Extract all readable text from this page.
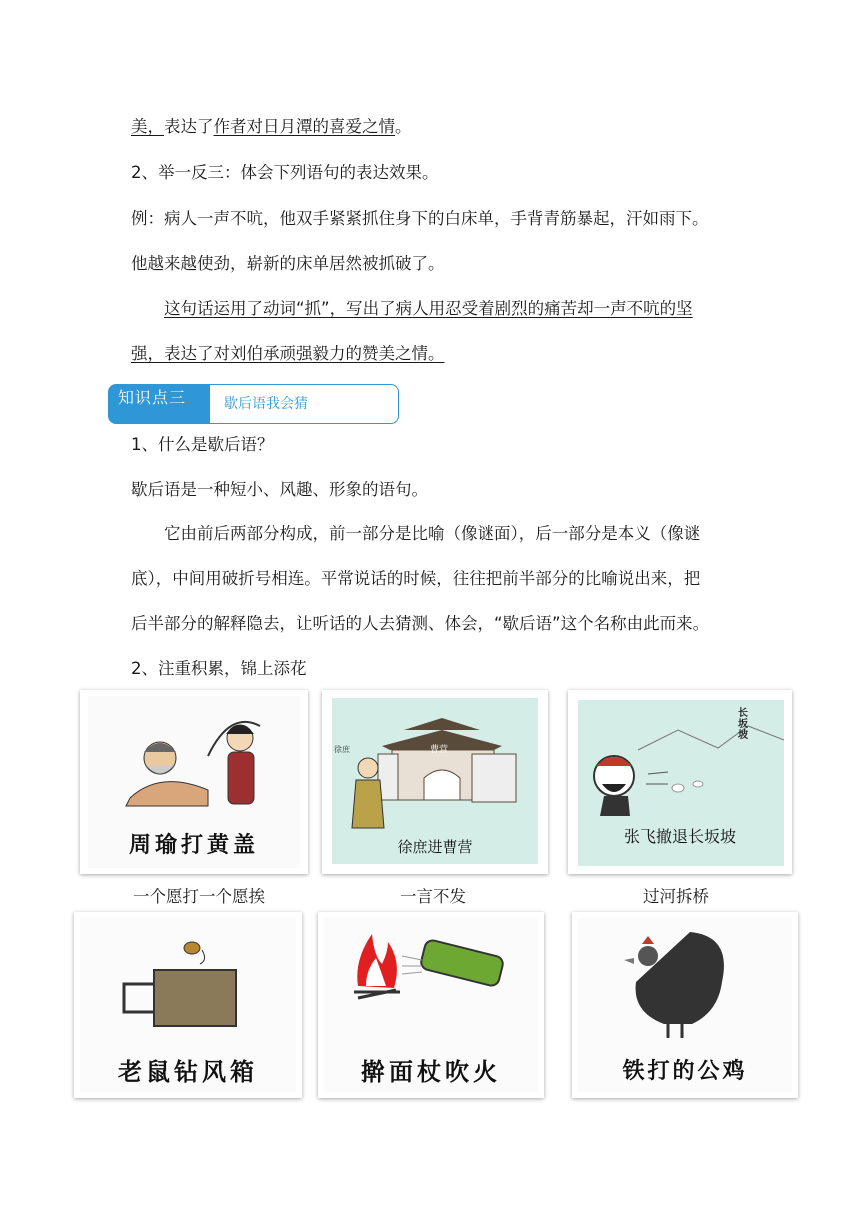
美，表达了作者对日月潭的喜爱之情。
2、举一反三：体会下列语句的表达效果。
例：病人一声不吭，他双手紧紧抓住身下的白床单，手背青筋暴起，汗如雨下。
他越来越使劲，崭新的床单居然被抓破了。
这句话运用了动词“抓”，写出了病人用忍受着剧烈的痛苦却一声不吭的坚
强，表达了对刘伯承顽强毅力的赞美之情。
知识点三	歇后语我会猜
1、什么是歇后语？
歇后语是一种短小、风趣、形象的语句。
它由前后两部分构成，前一部分是比喻（像谜面），后一部分是本义（像谜
底），中间用破折号相连。平常说话的时候，往往把前半部分的比喻说出来，把
后半部分的解释隐去，让听话的人去猜测、体会，“歇后语”这个名称由此而来。
2、注重积累，锦上添花
周瑜打黄盖
曹营
徐庶
徐庶进曹营
长坂坡
张飞撤退长坂坡
一个愿打一个愿挨	一言不发	过河拆桥
老鼠钻风箱	擀面杖吹火	铁打的公鸡
